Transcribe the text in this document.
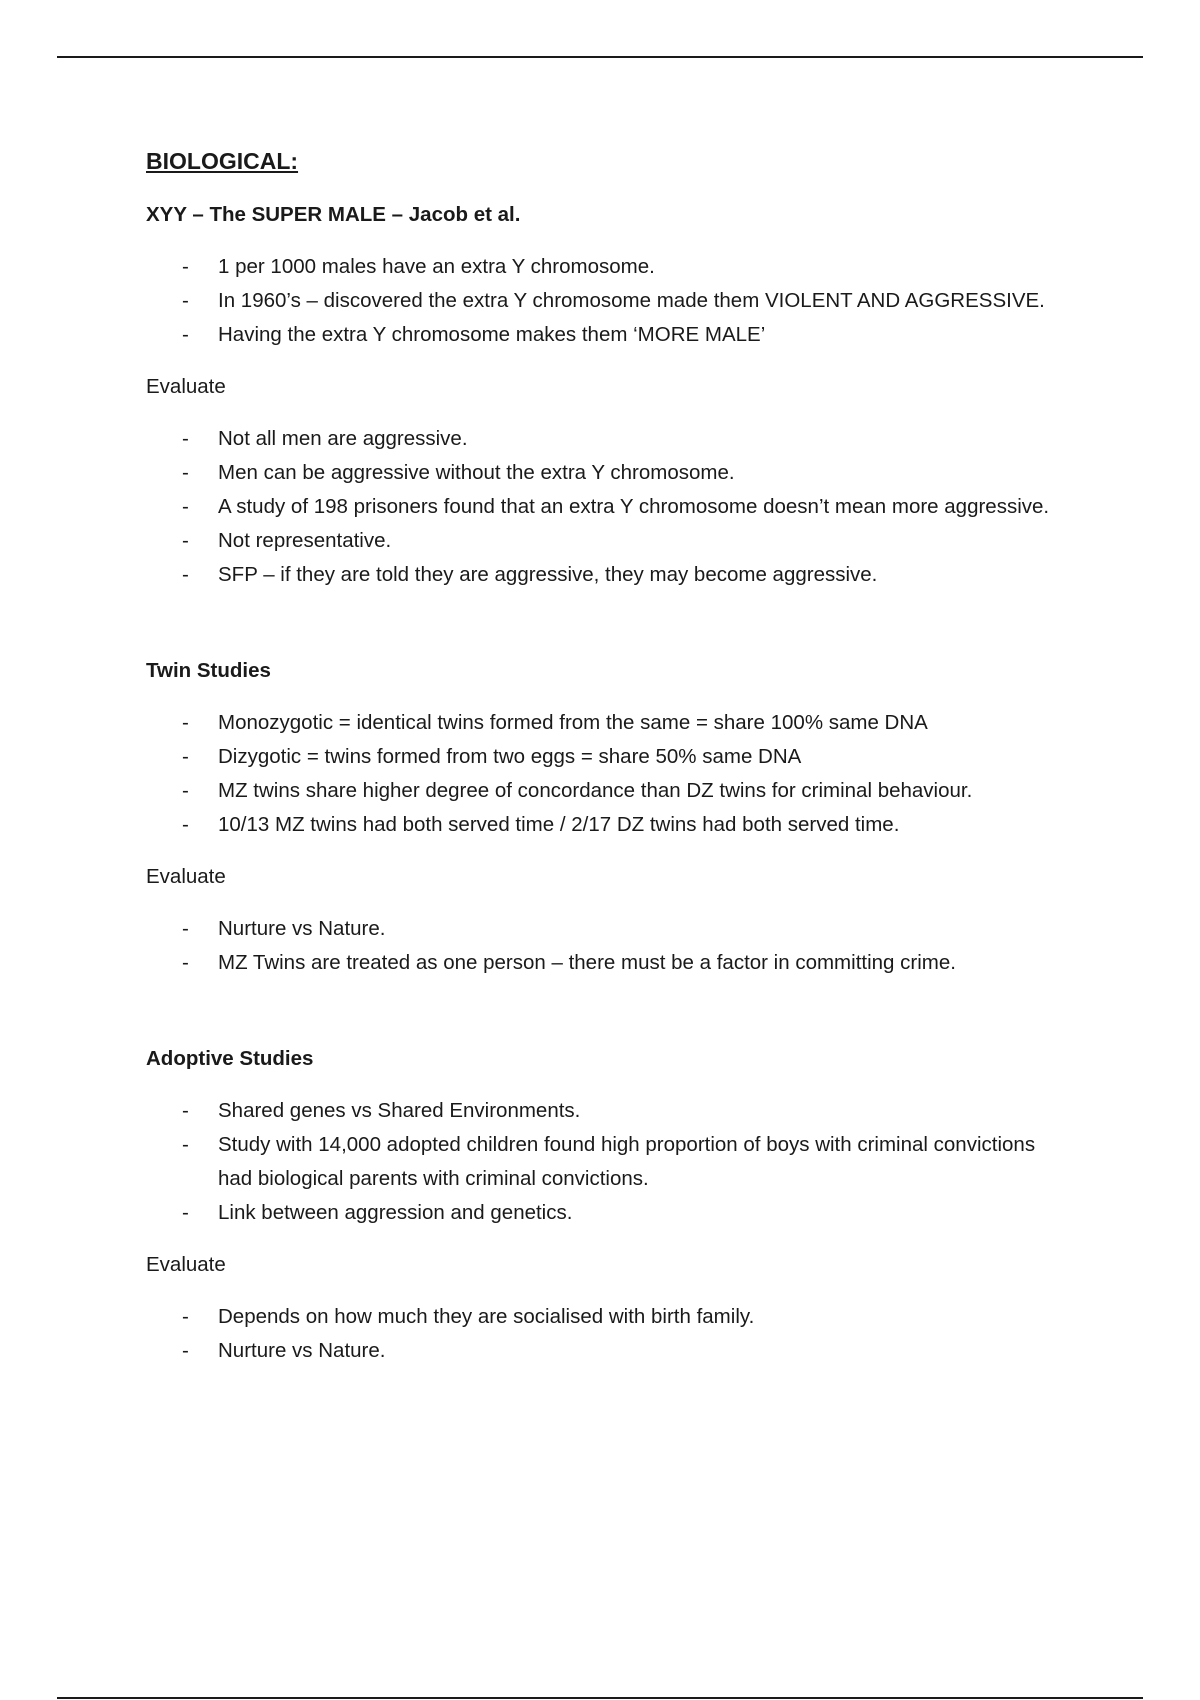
BIOLOGICAL:
XYY – The SUPER MALE – Jacob et al.
- 1 per 1000 males have an extra Y chromosome.
- In 1960’s – discovered the extra Y chromosome made them VIOLENT AND AGGRESSIVE.
- Having the extra Y chromosome makes them ‘MORE MALE’
Evaluate
- Not all men are aggressive.
- Men can be aggressive without the extra Y chromosome.
- A study of 198 prisoners found that an extra Y chromosome doesn’t mean more aggressive.
- Not representative.
- SFP – if they are told they are aggressive, they may become aggressive.
Twin Studies
- Monozygotic = identical twins formed from the same = share 100% same DNA
- Dizygotic = twins formed from two eggs = share 50% same DNA
- MZ twins share higher degree of concordance than DZ twins for criminal behaviour.
- 10/13 MZ twins had both served time / 2/17 DZ twins had both served time.
Evaluate
- Nurture vs Nature.
- MZ Twins are treated as one person – there must be a factor in committing crime.
Adoptive Studies
- Shared genes vs Shared Environments.
- Study with 14,000 adopted children found high proportion of boys with criminal convictions had biological parents with criminal convictions.
- Link between aggression and genetics.
Evaluate
- Depends on how much they are socialised with birth family.
- Nurture vs Nature.
